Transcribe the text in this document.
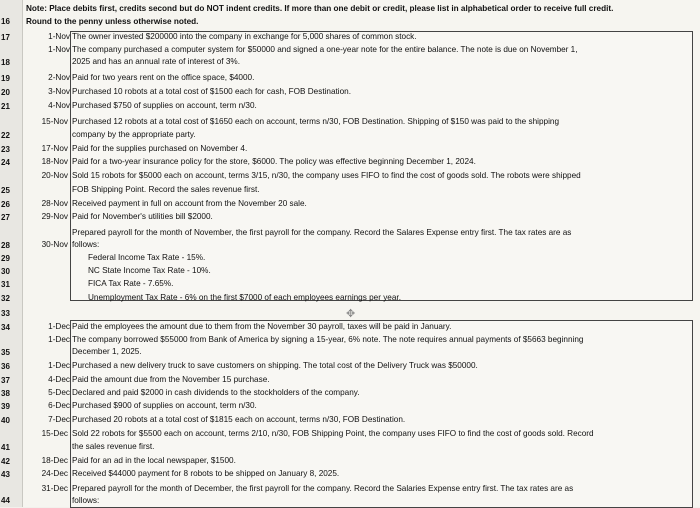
Note: Place debits first, credits second but do NOT indent credits. If more than one debit or credit, please list in alphabetical order to receive full credit.
16	Round to the penny unless otherwise noted.
17	1-Nov The owner invested $200000 into the company in exchange for 5,000 shares of common stock.
1-Nov The company purchased a computer system for $50000 and signed a one-year note for the entire balance. The note is due on November 1,
18	2025 and has an annual rate of interest of 3%.
19	2-Nov Paid for two years rent on the office space, $4000.
20	3-Nov Purchased 10 robots at a total cost of $1500 each for cash, FOB Destination.
21	4-Nov Purchased $750 of supplies on account, term n/30.
15-Nov Purchased 12 robots at a total cost of $1650 each on account, terms n/30, FOB Destination. Shipping of $150 was paid to the shipping
22	company by the appropriate party.
23	17-Nov Paid for the supplies purchased on November 4.
24	18-Nov Paid for a two-year insurance policy for the store, $6000. The policy was effective beginning December 1, 2024.
20-Nov Sold 15 robots for $5000 each on account, terms 3/15, n/30, the company uses FIFO to find the cost of goods sold. The robots were shipped
25	FOB Shipping Point. Record the sales revenue first.
26	28-Nov Received payment in full on account from the November 20 sale.
27	29-Nov Paid for November's utilities bill $2000.
Prepared payroll for the month of November, the first payroll for the company. Record the Salares Expense entry first. The tax rates are as
28	30-Nov follows:
29	Federal Income Tax Rate - 15%.
30	NC State Income Tax Rate - 10%.
31	FICA Tax Rate - 7.65%.
32	Unemployment Tax Rate - 6% on the first $7000 of each employees earnings per year.
33
34	1-Dec Paid the employees the amount due to them from the November 30 payroll, taxes will be paid in January.
1-Dec The company borrowed $55000 from Bank of America by signing a 15-year, 6% note. The note requires annual payments of $5663 beginning
35	December 1, 2025.
36	1-Dec Purchased a new delivery truck to save customers on shipping. The total cost of the Delivery Truck was $50000.
37	4-Dec Paid the amount due from the November 15 purchase.
38	5-Dec Declared and paid $2000 in cash dividends to the stockholders of the company.
39	6-Dec Purchased $900 of supplies on account, term n/30.
40	7-Dec Purchased 20 robots at a total cost of $1815 each on account, terms n/30, FOB Destination.
15-Dec Sold 22 robots for $5500 each on account, terms 2/10, n/30, FOB Shipping Point, the company uses FIFO to find the cost of goods sold. Record
41	the sales revenue first.
42	18-Dec Paid for an ad in the local newspaper, $1500.
43	24-Dec Received $44000 payment for 8 robots to be shipped on January 8, 2025.
31-Dec Prepared payroll for the month of December, the first payroll for the company. Record the Salaries Expense entry first. The tax rates are as
44	follows:
✥
